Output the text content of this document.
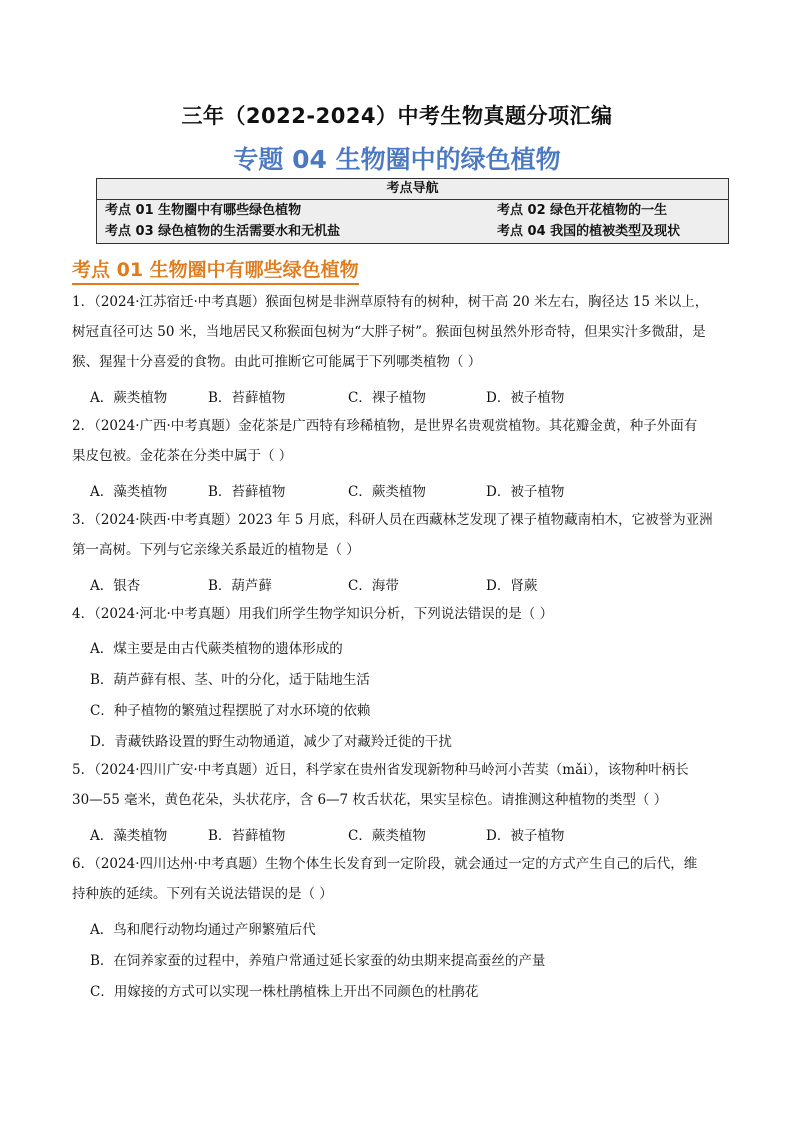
三年（2022-2024）中考生物真题分项汇编
专题 04 生物圈中的绿色植物
考点导航
考点 01 生物圈中有哪些绿色植物	考点 02 绿色开花植物的一生
考点 03 绿色植物的生活需要水和无机盐	考点 04 我国的植被类型及现状
考点 01 生物圈中有哪些绿色植物

1．（2024·江苏宿迁·中考真题）猴面包树是非洲草原特有的树种，树干高 20 米左右，胸径达 15 米以上，

树冠直径可达 50 米，当地居民又称猴面包树为“大胖子树”。猴面包树虽然外形奇特，但果实汁多微甜，是

猴、猩猩十分喜爱的食物。由此可推断它可能属于下列哪类植物（ ）

A．蕨类植物	B．苔藓植物	C．裸子植物	D．被子植物

2．（2024·广西·中考真题）金花茶是广西特有珍稀植物，是世界名贵观赏植物。其花瓣金黄，种子外面有

果皮包被。金花茶在分类中属于（ ）

A．藻类植物	B．苔藓植物	C．蕨类植物	D．被子植物

3．（2024·陕西·中考真题）2023 年 5 月底，科研人员在西藏林芝发现了裸子植物藏南柏木，它被誉为亚洲

第一高树。下列与它亲缘关系最近的植物是（ ）

A．银杏	B．葫芦藓	C．海带	D．肾蕨

4．（2024·河北·中考真题）用我们所学生物学知识分析，下列说法错误的是（ ）

A．煤主要是由古代蕨类植物的遗体形成的
B．葫芦藓有根、茎、叶的分化，适于陆地生活
C．种子植物的繁殖过程摆脱了对水环境的依赖
D．青藏铁路设置的野生动物通道，减少了对藏羚迁徙的干扰

5．（2024·四川广安·中考真题）近日，科学家在贵州省发现新物种马岭河小苦荬（mǎi），该物种叶柄长

30—55 毫米，黄色花朵，头状花序，含 6—7 枚舌状花，果实呈棕色。请推测这种植物的类型（ ）

A．藻类植物	B．苔藓植物	C．蕨类植物	D．被子植物

6．（2024·四川达州·中考真题）生物个体生长发育到一定阶段，就会通过一定的方式产生自己的后代，维

持种族的延续。下列有关说法错误的是（ ）

A．鸟和爬行动物均通过产卵繁殖后代
B．在饲养家蚕的过程中，养殖户常通过延长家蚕的幼虫期来提高蚕丝的产量
C．用嫁接的方式可以实现一株杜鹃植株上开出不同颜色的杜鹃花
